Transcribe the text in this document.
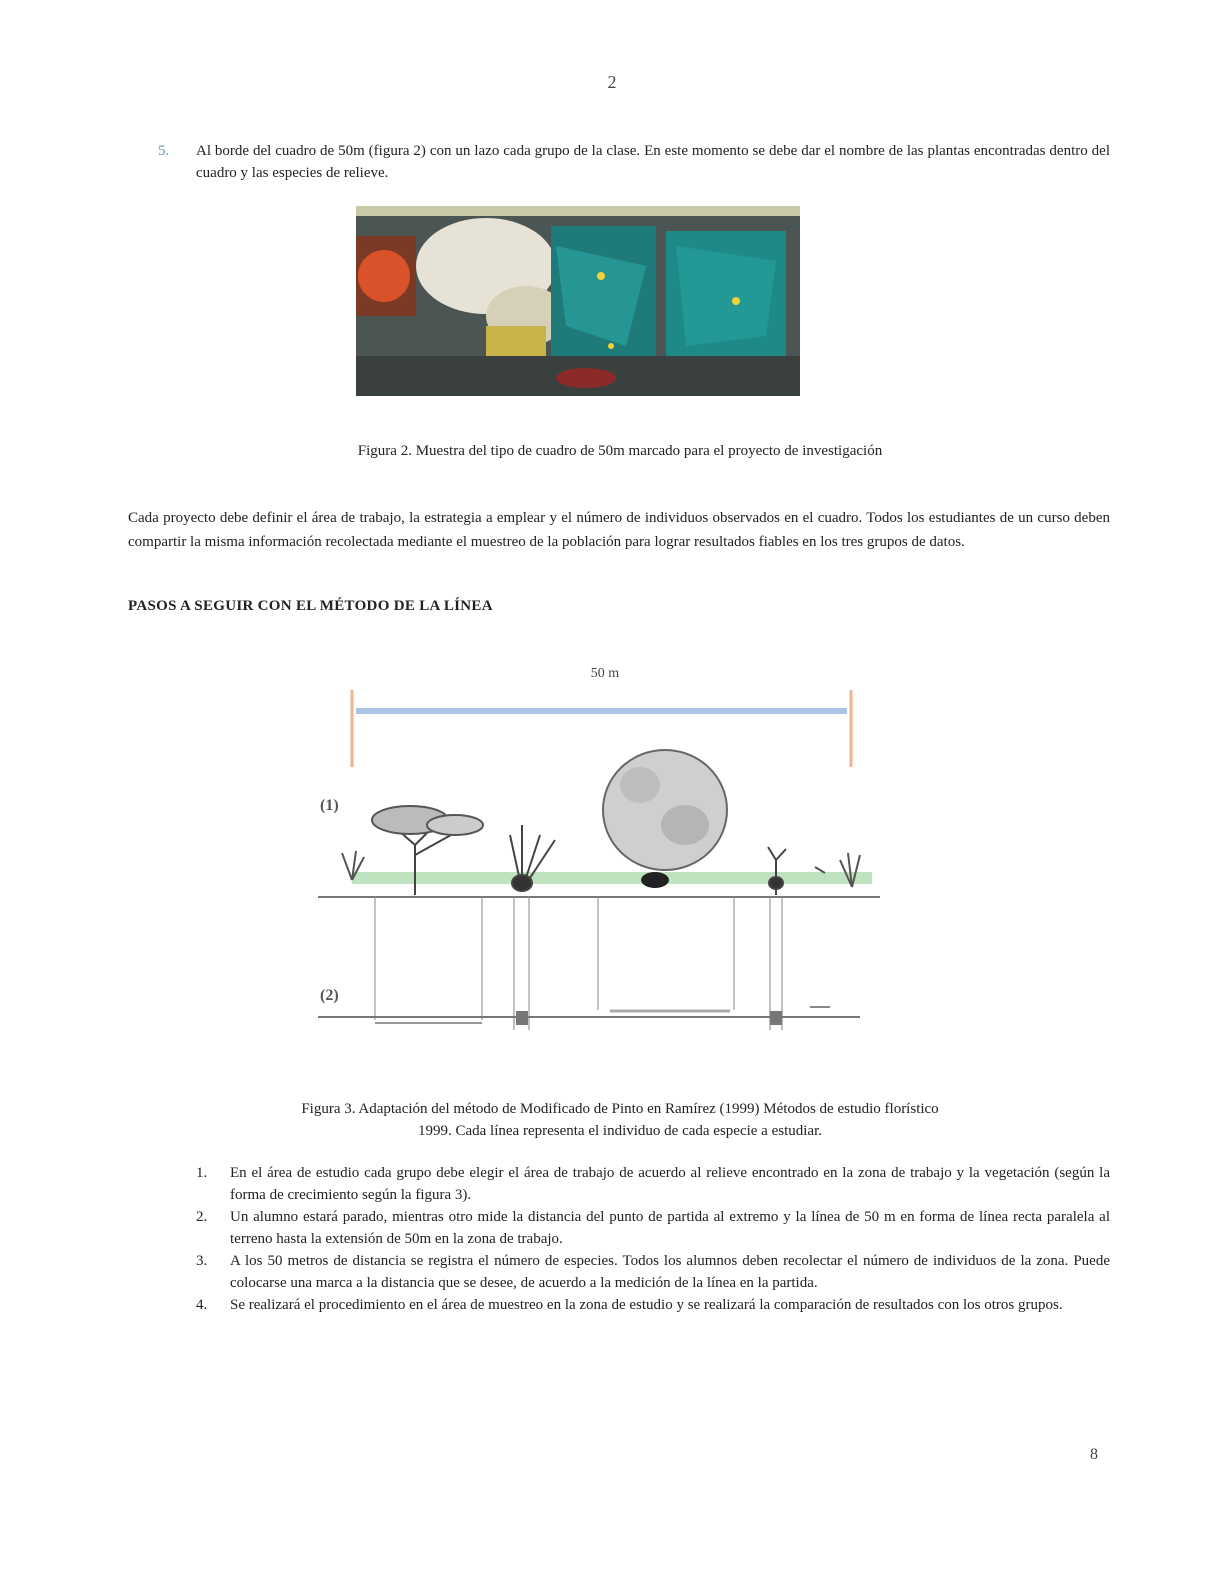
2
5. Al borde del cuadro de 50m (figura 2) con un lazo cada grupo de la clase. En este momento se debe dar el nombre de las plantas encontradas dentro del cuadro y las especies de relieve.
Figura 2. Muestra del tipo de cuadro de 50m marcado para el proyecto de investigación
Cada proyecto debe definir el área de trabajo, la estrategia a emplear y el número de individuos observados en el cuadro. Todos los estudiantes de un curso deben compartir la misma información recolectada mediante el muestreo de la población para lograr resultados fiables en los tres grupos de datos.
PASOS A SEGUIR CON EL MÉTODO DE LA LÍNEA
50 m
(1)
(2)
Figura 3. Adaptación del método de Modificado de Pinto en Ramírez (1999) Métodos de estudio florístico
1999. Cada línea representa el individuo de cada especie a estudiar.
1. En el área de estudio cada grupo debe elegir el área de trabajo de acuerdo al relieve encontrado en la zona de trabajo y la vegetación (según la forma de crecimiento según la figura 3).
2. Un alumno estará parado, mientras otro mide la distancia del punto de partida al extremo y la línea de 50 m en forma de línea recta paralela al terreno hasta la extensión de 50m en la zona de trabajo.
3. A los 50 metros de distancia se registra el número de especies. Todos los alumnos deben recolectar el número de individuos de la zona. Puede colocarse una marca a la distancia que se desee, de acuerdo a la medición de la línea en la partida.
4. Se realizará el procedimiento en el área de muestreo en la zona de estudio y se realizará la comparación de resultados con los otros grupos.
8
